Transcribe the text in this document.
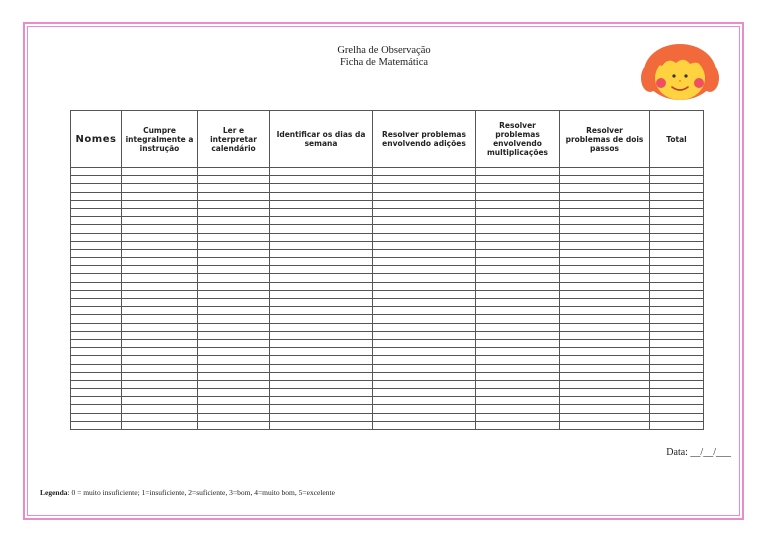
Grelha de Observação
Ficha de Matemática
Nomes	Cumpre integralmente a instrução	Ler e interpretar calendário	Identificar os dias da semana	Resolver problemas envolvendo adições	Resolver problemas envolvendo multiplicações	Resolver problemas de dois passos	Total

Data: __/__/___
Legenda: 0 = muito insuficiente; 1=insuficiente, 2=suficiente, 3=bom, 4=muito bom, 5=excelente
